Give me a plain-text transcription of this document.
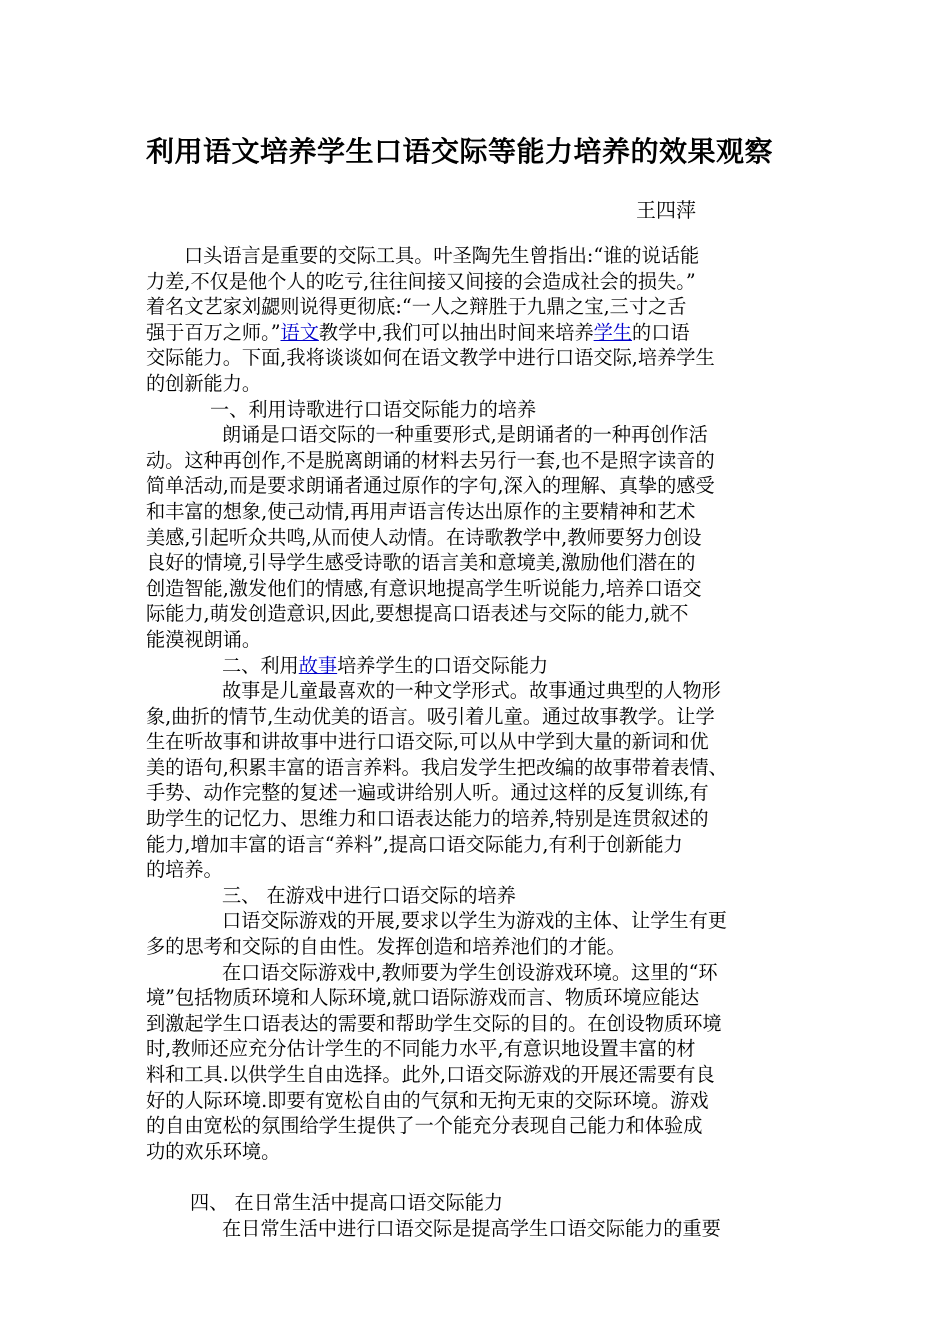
利用语文培养学生口语交际等能力培养的效果观察
王四萍
口头语言是重要的交际工具。叶圣陶先生曾指出:“谁的说话能
力差,不仅是他个人的吃亏,往往间接又间接的会造成社会的损失。”
着名文艺家刘勰则说得更彻底:“一人之辩胜于九鼎之宝,三寸之舌
强于百万之师。”语文教学中,我们可以抽出时间来培养学生的口语
交际能力。下面,我将谈谈如何在语文教学中进行口语交际,培养学生
的创新能力。
一、利用诗歌进行口语交际能力的培养
朗诵是口语交际的一种重要形式,是朗诵者的一种再创作活
动。这种再创作,不是脱离朗诵的材料去另行一套,也不是照字读音的
简单活动,而是要求朗诵者通过原作的字句,深入的理解、真挚的感受
和丰富的想象,使己动情,再用声语言传达出原作的主要精神和艺术
美感,引起听众共鸣,从而使人动情。在诗歌教学中,教师要努力创设
良好的情境,引导学生感受诗歌的语言美和意境美,激励他们潜在的
创造智能,激发他们的情感,有意识地提高学生听说能力,培养口语交
际能力,萌发创造意识,因此,要想提高口语表述与交际的能力,就不
能漠视朗诵。
二、利用故事培养学生的口语交际能力
故事是儿童最喜欢的一种文学形式。故事通过典型的人物形
象,曲折的情节,生动优美的语言。吸引着儿童。通过故事教学。让学
生在听故事和讲故事中进行口语交际,可以从中学到大量的新词和优
美的语句,积累丰富的语言养料。我启发学生把改编的故事带着表情、
手势、动作完整的复述一遍或讲给别人听。通过这样的反复训练,有
助学生的记忆力、思维力和口语表达能力的培养,特别是连贯叙述的
能力,增加丰富的语言“养料”,提高口语交际能力,有利于创新能力
的培养。
三、 在游戏中进行口语交际的培养
口语交际游戏的开展,要求以学生为游戏的主体、让学生有更
多的思考和交际的自由性。发挥创造和培养池们的才能。
在口语交际游戏中,教师要为学生创设游戏环境。这里的“环
境”包括物质环境和人际环境,就口语际游戏而言、物质环境应能达
到激起学生口语表达的需要和帮助学生交际的目的。在创设物质环境
时,教师还应充分估计学生的不同能力水平,有意识地设置丰富的材
料和工具.以供学生自由选择。此外,口语交际游戏的开展还需要有良
好的人际环境.即要有宽松自由的气氛和无拘无束的交际环境。游戏
的自由宽松的氛围给学生提供了一个能充分表现自己能力和体验成
功的欢乐环境。
四、 在日常生活中提高口语交际能力
在日常生活中进行口语交际是提高学生口语交际能力的重要
